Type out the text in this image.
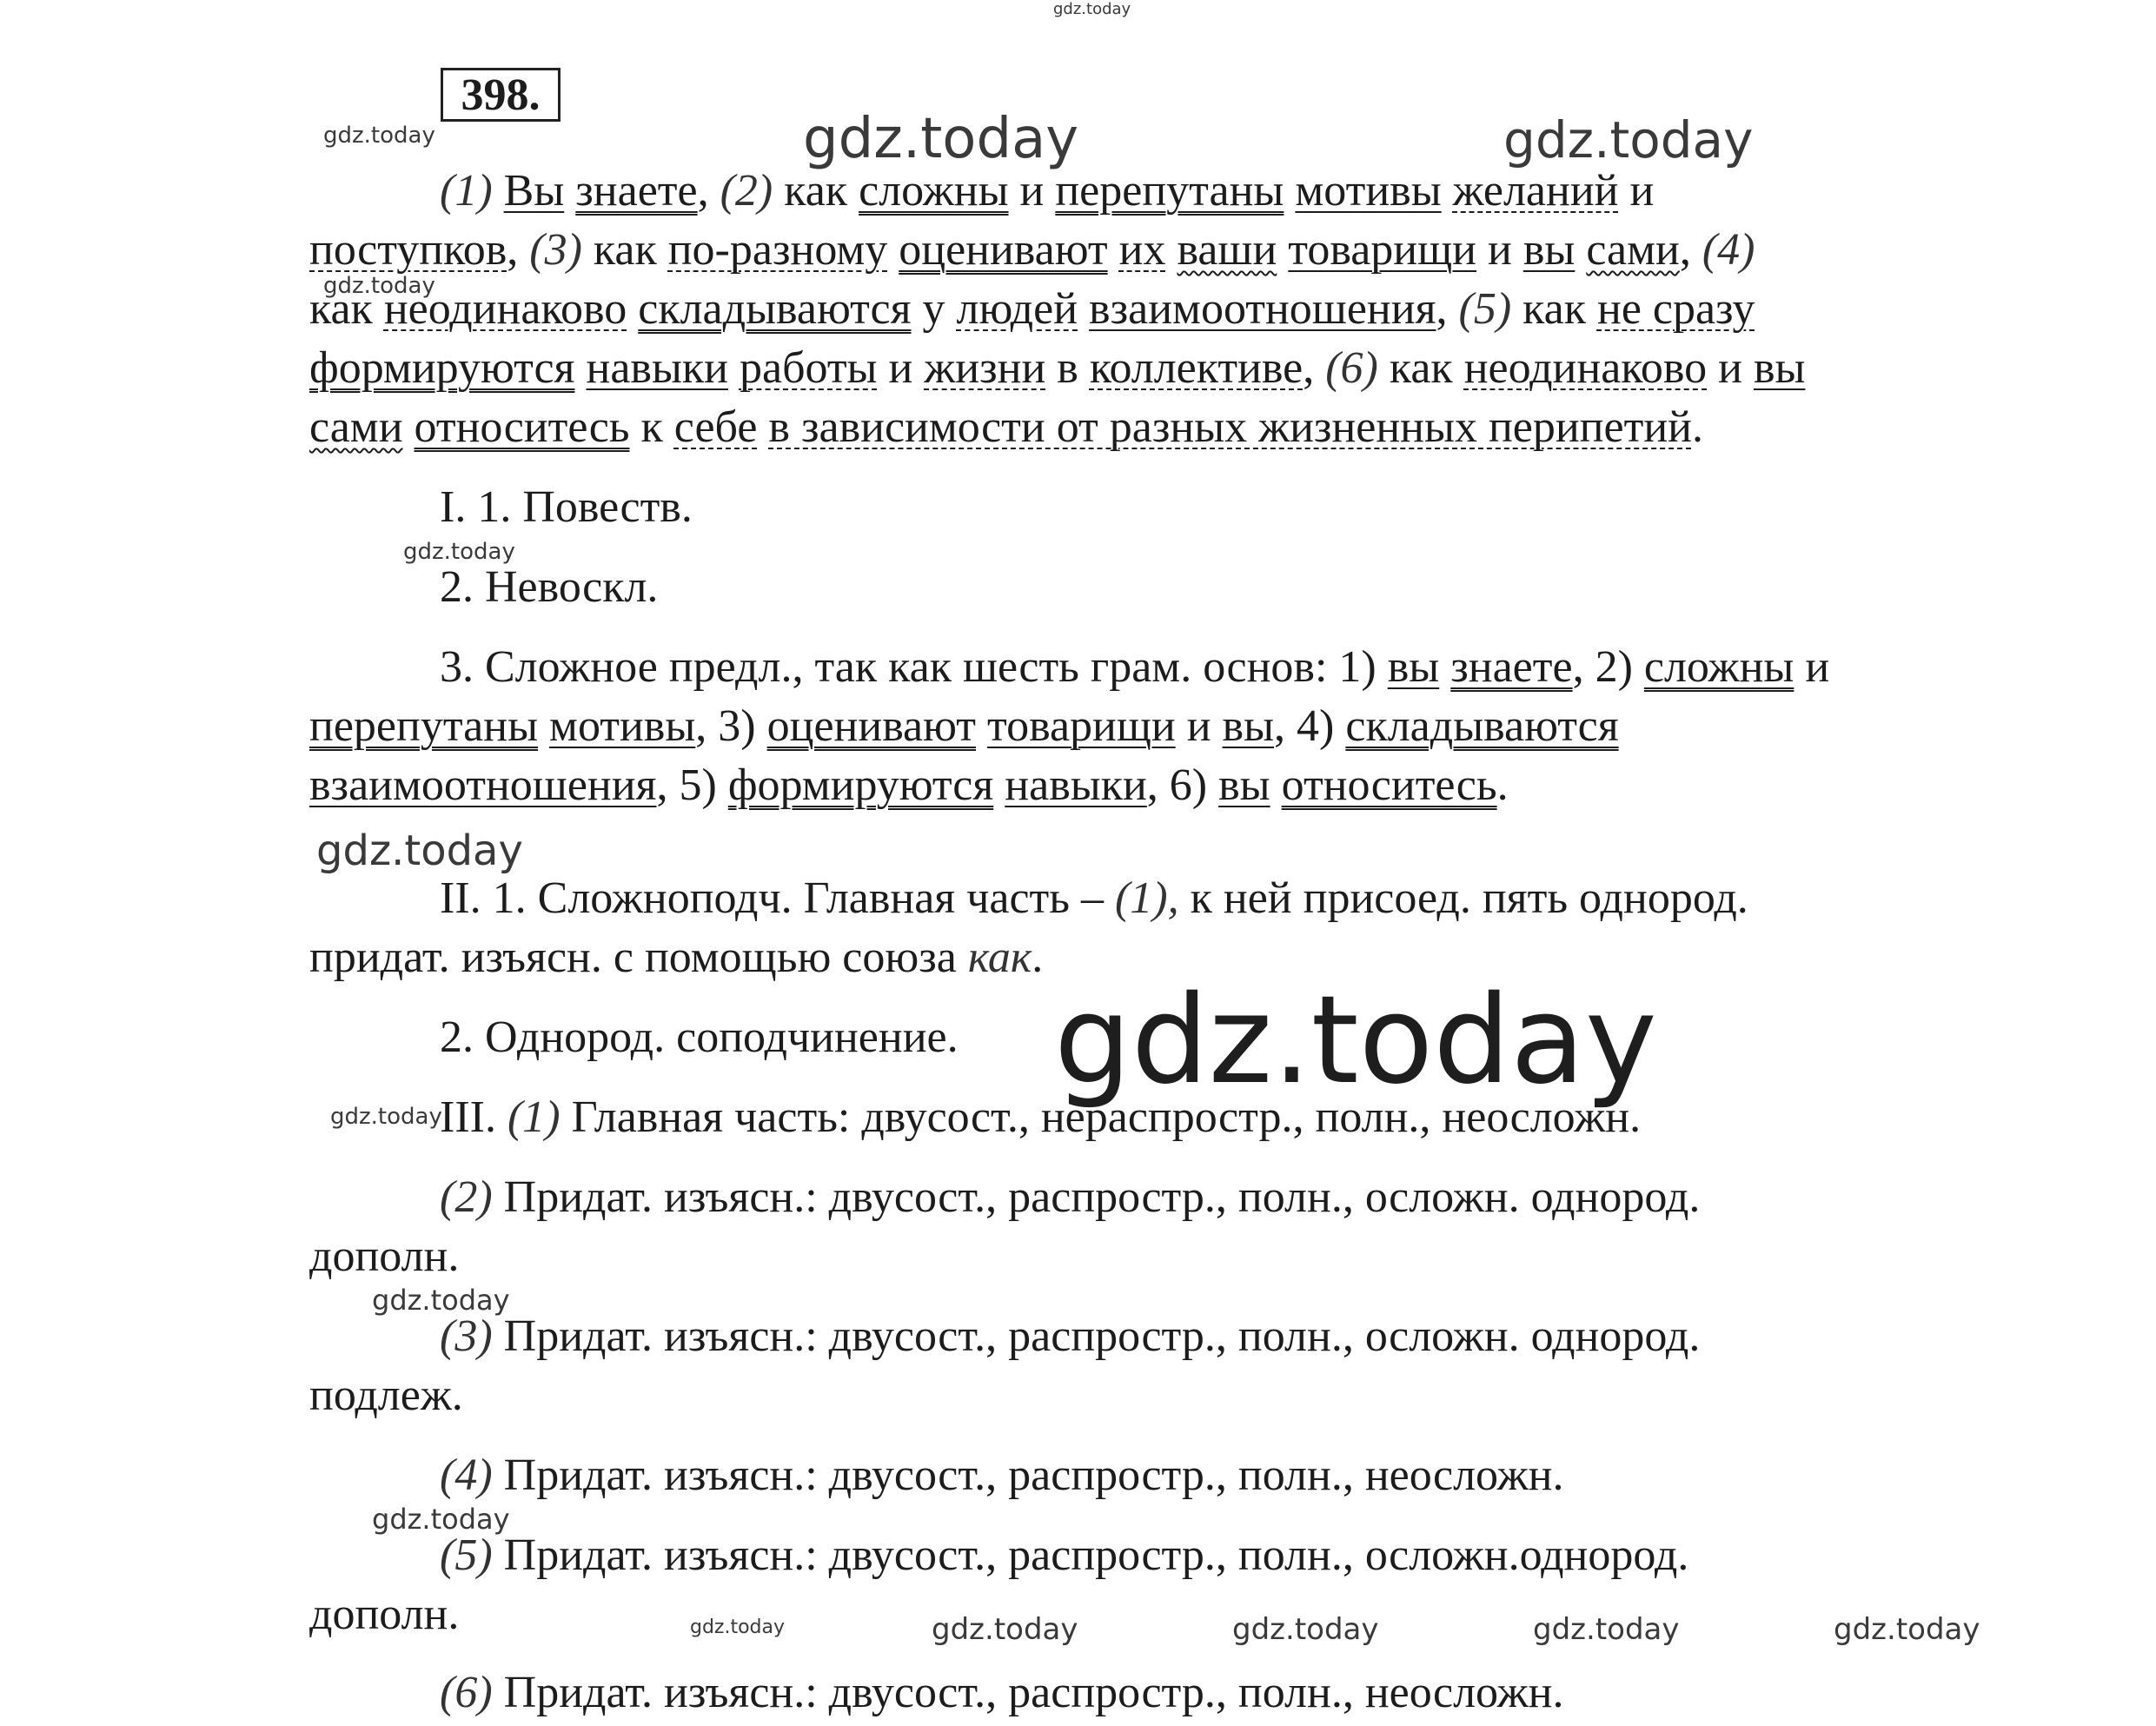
gdz.today
gdz.today	gdz.today	gdz.today
gdz.today
gdz.today
gdz.today
gdz.today
gdz.today
gdz.today
gdz.today
gdz.today	gdz.today	gdz.today	gdz.today	gdz.today
398.
(1) Вы знаете, (2) как сложны и перепутаны мотивы желаний и
поступков, (3) как по-разному оценивают их ваши товарищи и вы сами, (4)
как неодинаково складываются у людей взаимоотношения, (5) как не сразу
формируются навыки работы и жизни в коллективе, (6) как неодинаково и вы
сами относитесь к себе в зависимости от разных жизненных перипетий.
I. 1. Повеств.
2. Невоскл.
3. Сложное предл., так как шесть грам. основ: 1) вы знаете, 2) сложны и
перепутаны мотивы, 3) оценивают товарищи и вы, 4) складываются
взаимоотношения, 5) формируются навыки, 6) вы относитесь.
II. 1. Сложноподч. Главная часть – (1), к ней присоед. пять однород.
придат. изъясн. с помощью союза как.
2. Однород. соподчинение.
III. (1) Главная часть: двусост., нераспростр., полн., неосложн.
(2) Придат. изъясн.: двусост., распростр., полн., осложн. однород.
дополн.
(3) Придат. изъясн.: двусост., распростр., полн., осложн. однород.
подлеж.
(4) Придат. изъясн.: двусост., распростр., полн., неосложн.
(5) Придат. изъясн.: двусост., распростр., полн., осложн.однород.
дополн.
(6) Придат. изъясн.: двусост., распростр., полн., неосложн.
